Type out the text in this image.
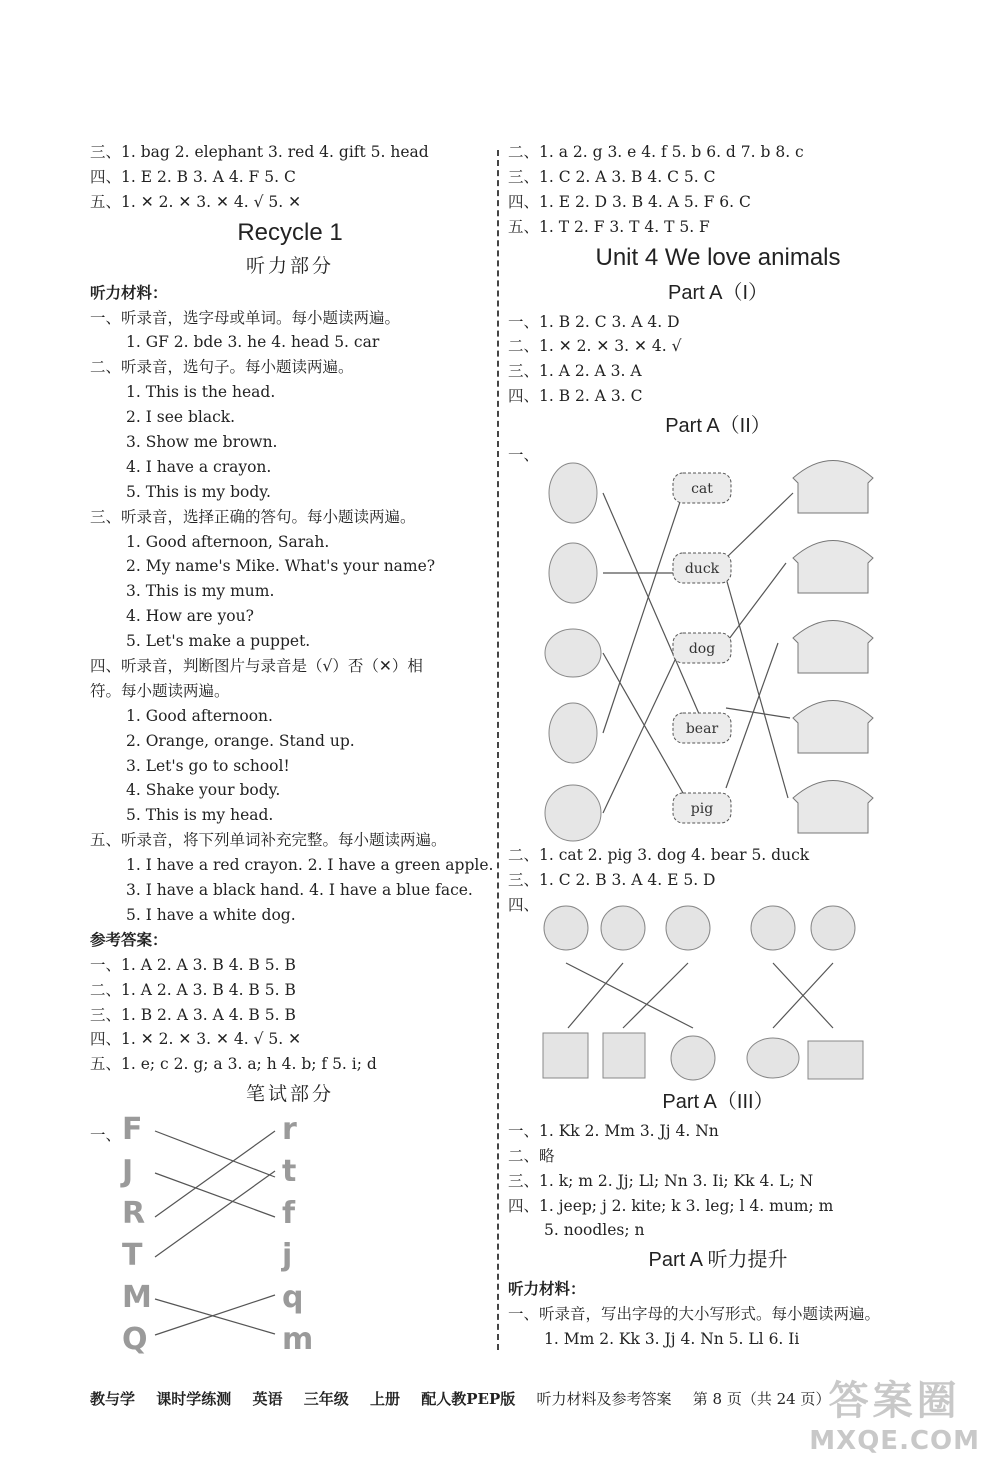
三、1. bag 2. elephant 3. red 4. gift 5. head
四、1. E 2. B 3. A 4. F 5. C
五、1. ✕ 2. ✕ 3. ✕ 4. √ 5. ✕
Recycle 1
听力部分
听力材料：
一、听录音，选字母或单词。每小题读两遍。
1. GF 2. bde 3. he 4. head 5. car
二、听录音，选句子。每小题读两遍。
1. This is the head.
2. I see black.
3. Show me brown.
4. I have a crayon.
5. This is my body.
三、听录音，选择正确的答句。每小题读两遍。
1. Good afternoon, Sarah.
2. My name's Mike. What's your name?
3. This is my mum.
4. How are you?
5. Let's make a puppet.
四、听录音，判断图片与录音是（√）否（✕）相
符。每小题读两遍。
1. Good afternoon.
2. Orange, orange. Stand up.
3. Let's go to school!
4. Shake your body.
5. This is my head.
五、听录音，将下列单词补充完整。每小题读两遍。
1. I have a red crayon. 2. I have a green apple.
3. I have a black hand. 4. I have a blue face.
5. I have a white dog.
参考答案：
一、1. A 2. A 3. B 4. B 5. B
二、1. A 2. A 3. B 4. B 5. B
三、1. B 2. A 3. A 4. B 5. B
四、1. ✕ 2. ✕ 3. ✕ 4. √ 5. ✕
五、1. e; c 2. g; a 3. a; h 4. b; f 5. i; d
笔试部分
一、 F
J
R
T
M
Q
r
t
f
j
q
m
二、1. a 2. g 3. e 4. f 5. b 6. d 7. b 8. c
三、1. C 2. A 3. B 4. C 5. C
四、1. E 2. D 3. B 4. A 5. F 6. C
五、1. T 2. F 3. T 4. T 5. F
Unit 4 We love animals
Part A（I）
一、1. B 2. C 3. A 4. D
二、1. ✕ 2. ✕ 3. ✕ 4. √
三、1. A 2. A 3. A
四、1. B 2. A 3. C
Part A（II）
一、
cat
duck
dog
bear
pig
二、1. cat 2. pig 3. dog 4. bear 5. duck
三、1. C 2. B 3. A 4. E 5. D
四、
Part A（III）
一、1. Kk 2. Mm 3. Jj 4. Nn
二、略
三、1. k; m 2. Jj; Ll; Nn 3. Ii; Kk 4. L; N
四、1. jeep; j 2. kite; k 3. leg; l 4. mum; m
5. noodles; n
Part A 听力提升
听力材料：
一、听录音，写出字母的大小写形式。每小题读两遍。
1. Mm 2. Kk 3. Jj 4. Nn 5. Ll 6. Ii
教与学 课时学练测 英语 三年级 上册 配人教PEP版 听力材料及参考答案 第 8 页（共 24 页）
答案圈
MXQE.COM
